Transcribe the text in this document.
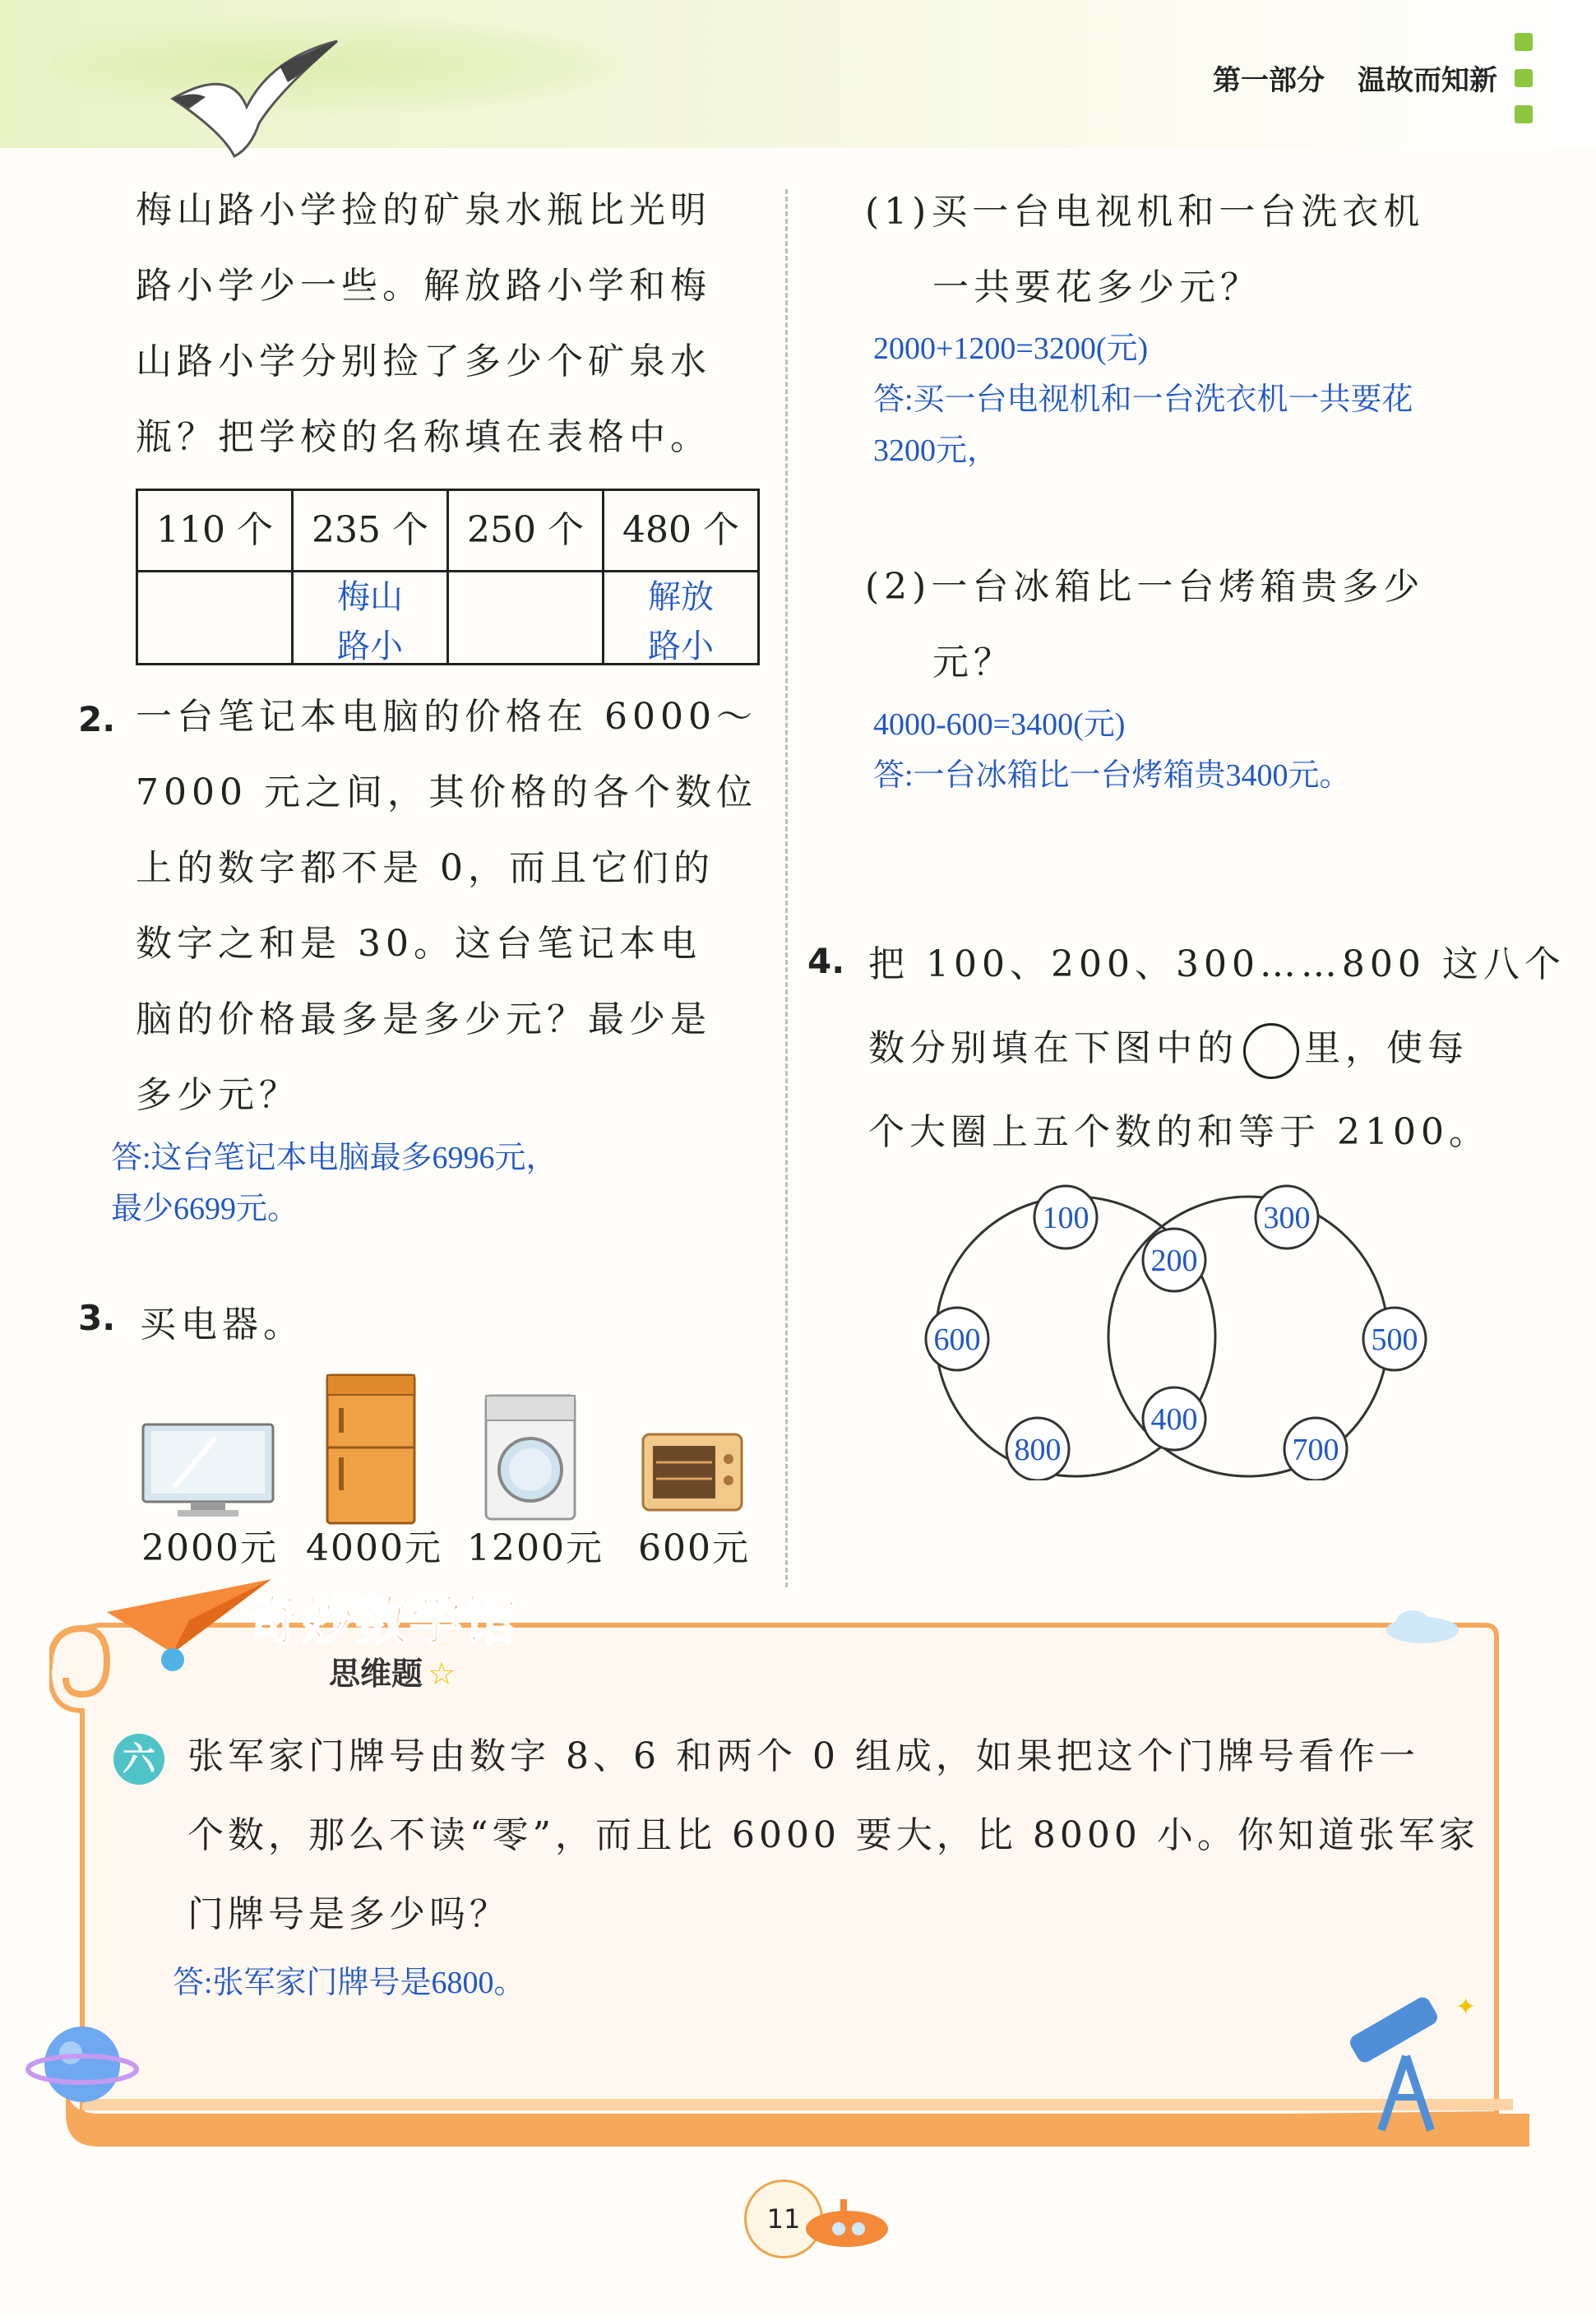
第一部分 温故而知新
梅山路小学捡的矿泉水瓶比光明
路小学少一些。解放路小学和梅
山路小学分别捡了多少个矿泉水
瓶？把学校的名称填在表格中。
110 个	235 个	250 个	480 个

	梅山路小		解放路小
2. 一台笔记本电脑的价格在 6000～
7000 元之间，其价格的各个数位
上的数字都不是 0，而且它们的
数字之和是 30。这台笔记本电
脑的价格最多是多少元？最少是
多少元？
答:这台笔记本电脑最多6996元，
最少6699元。
3. 买电器。
2000元 4000元 1200元 600元
(1)买一台电视机和一台洗衣机
一共要花多少元？
2000+1200=3200(元)
答:买一台电视机和一台洗衣机一共要花
3200元，
(2)一台冰箱比一台烤箱贵多少
元？
4000-600=3400(元)
答:一台冰箱比一台烤箱贵3400元。
4. 把 100、200、300……800 这八个
数分别填在下图中的 里，使每
个大圈上五个数的和等于 2100。
100	300
200
600	500
400
800	700
奇妙数学馆
思维题 ☆
六 张军家门牌号由数字 8、6 和两个 0 组成，如果把这个门牌号看作一
个数，那么不读“零”，而且比 6000 要大，比 8000 小。你知道张军家
门牌号是多少吗？
答:张军家门牌号是6800。
✦
11
